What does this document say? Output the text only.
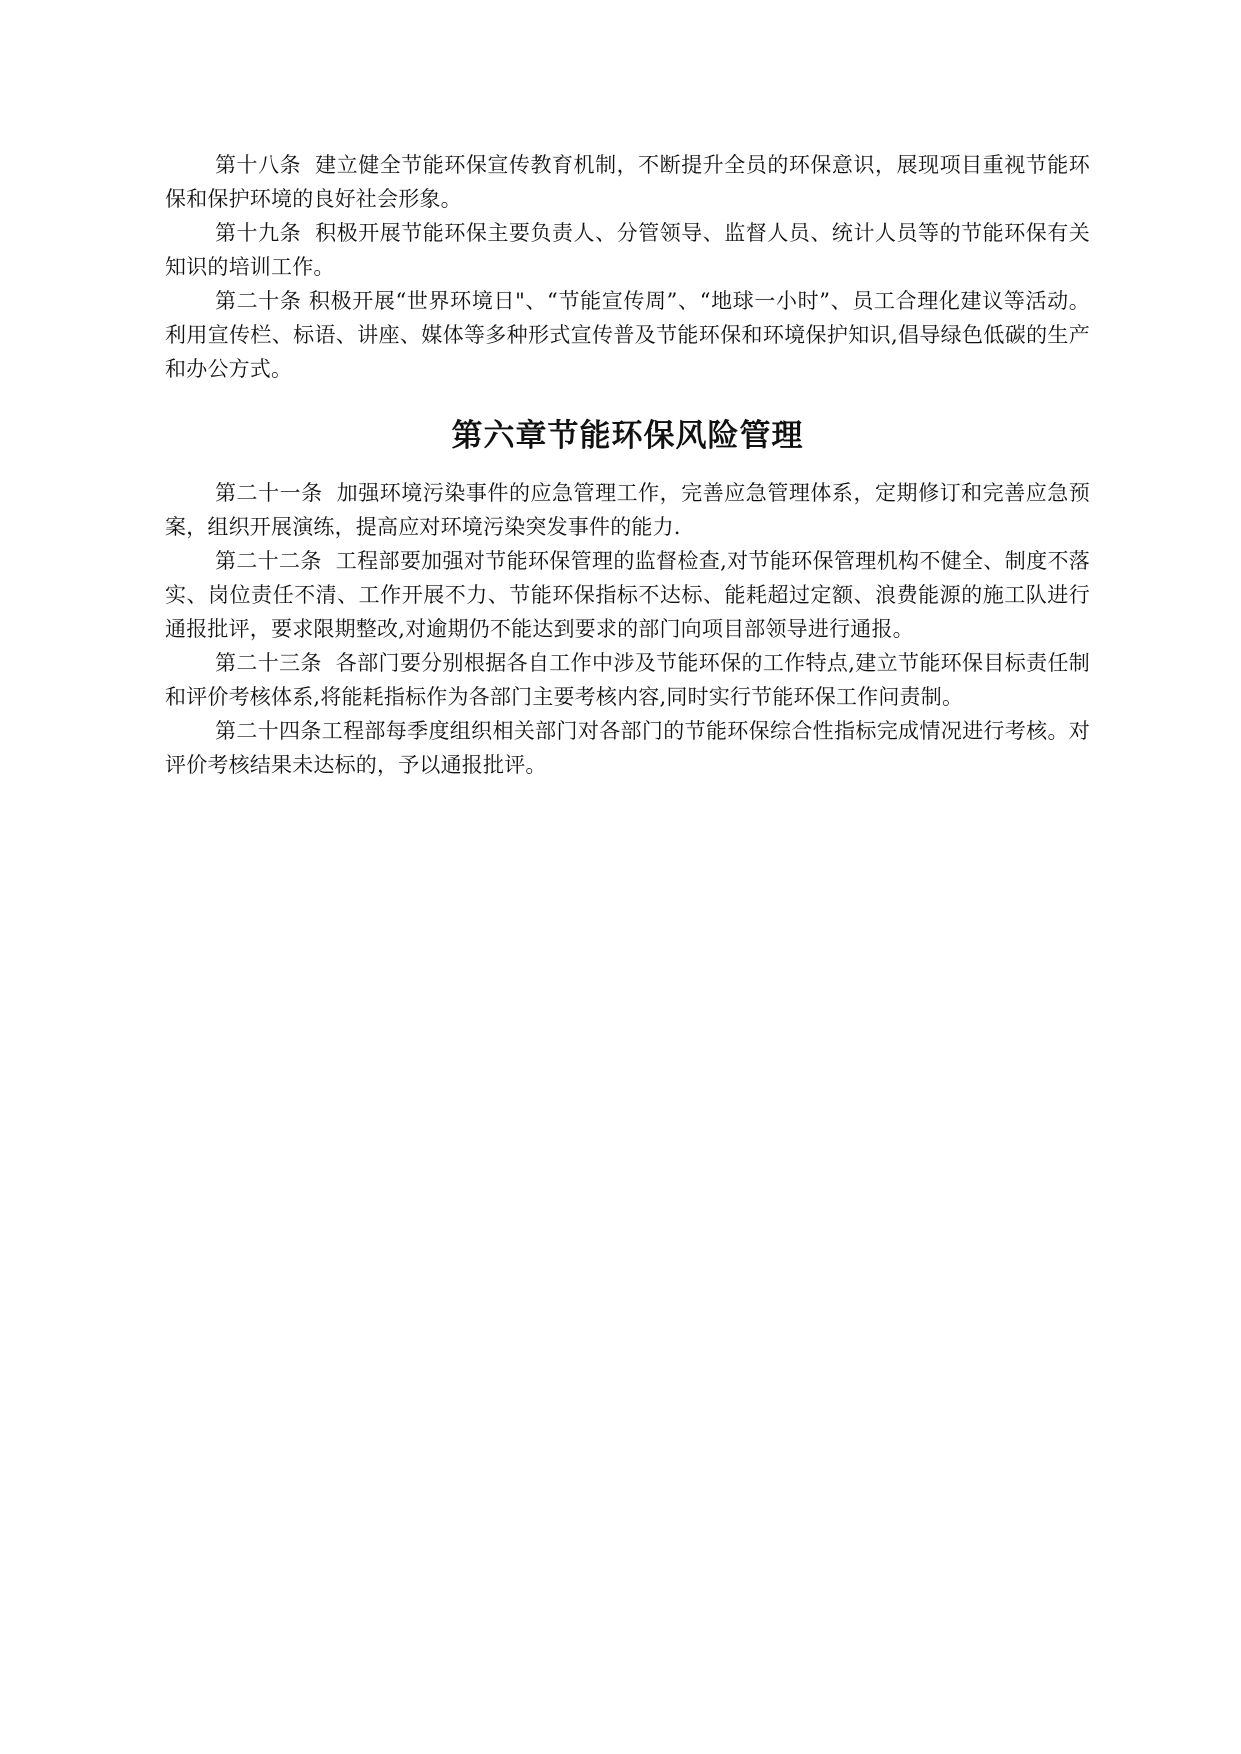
第十八条 建立健全节能环保宣传教育机制，不断提升全员的环保意识，展现项目重视节能环保和保护环境的良好社会形象。

第十九条 积极开展节能环保主要负责人、分管领导、监督人员、统计人员等的节能环保有关知识的培训工作。

第二十条 积极开展“世界环境日"、“节能宣传周”、“地球一小时”、员工合理化建议等活动。利用宣传栏、标语、讲座、媒体等多种形式宣传普及节能环保和环境保护知识,倡导绿色低碳的生产和办公方式。

第六章节能环保风险管理

第二十一条 加强环境污染事件的应急管理工作，完善应急管理体系，定期修订和完善应急预案，组织开展演练，提高应对环境污染突发事件的能力.

第二十二条 工程部要加强对节能环保管理的监督检查,对节能环保管理机构不健全、制度不落实、岗位责任不清、工作开展不力、节能环保指标不达标、能耗超过定额、浪费能源的施工队进行通报批评，要求限期整改,对逾期仍不能达到要求的部门向项目部领导进行通报。

第二十三条 各部门要分别根据各自工作中涉及节能环保的工作特点,建立节能环保目标责任制和评价考核体系,将能耗指标作为各部门主要考核内容,同时实行节能环保工作问责制。

第二十四条工程部每季度组织相关部门对各部门的节能环保综合性指标完成情况进行考核。对评价考核结果未达标的，予以通报批评。
